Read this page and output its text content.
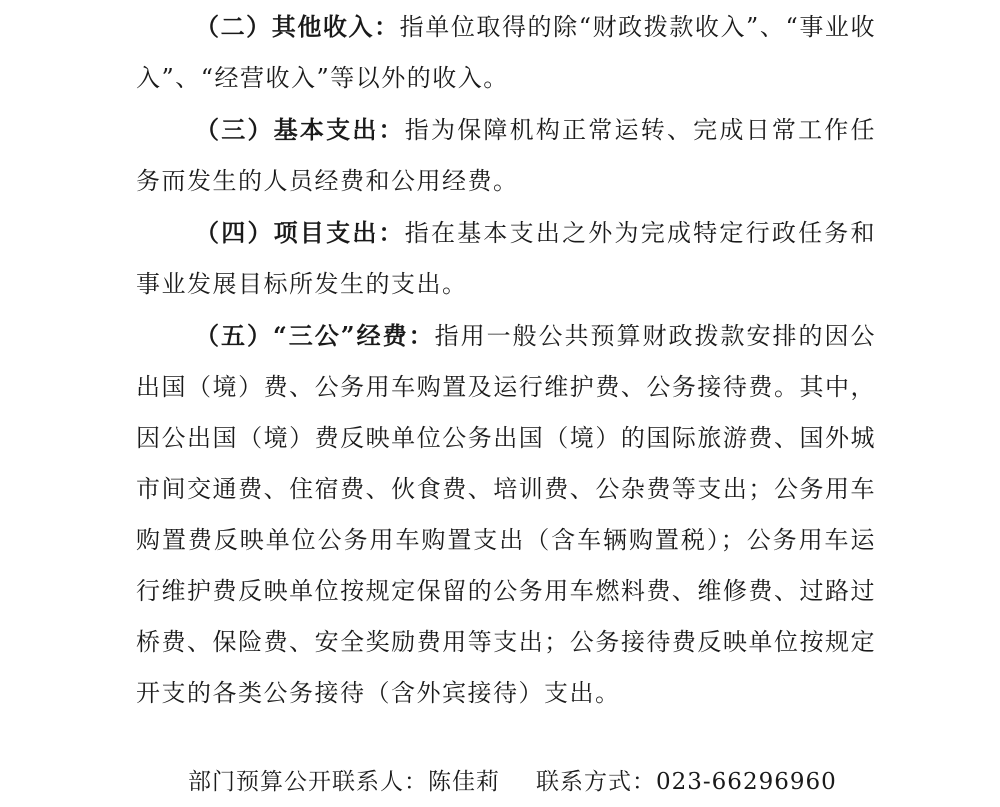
（二）其他收入：指单位取得的除“财政拨款收入”、“事业收入”、“经营收入”等以外的收入。

（三）基本支出：指为保障机构正常运转、完成日常工作任务而发生的人员经费和公用经费。

（四）项目支出：指在基本支出之外为完成特定行政任务和事业发展目标所发生的支出。

（五）“三公”经费：指用一般公共预算财政拨款安排的因公出国（境）费、公务用车购置及运行维护费、公务接待费。其中，因公出国（境）费反映单位公务出国（境）的国际旅游费、国外城市间交通费、住宿费、伙食费、培训费、公杂费等支出；公务用车购置费反映单位公务用车购置支出（含车辆购置税）；公务用车运行维护费反映单位按规定保留的公务用车燃料费、维修费、过路过桥费、保险费、安全奖励费用等支出；公务接待费反映单位按规定开支的各类公务接待（含外宾接待）支出。

部门预算公开联系人：陈佳莉 联系方式：023-66296960
